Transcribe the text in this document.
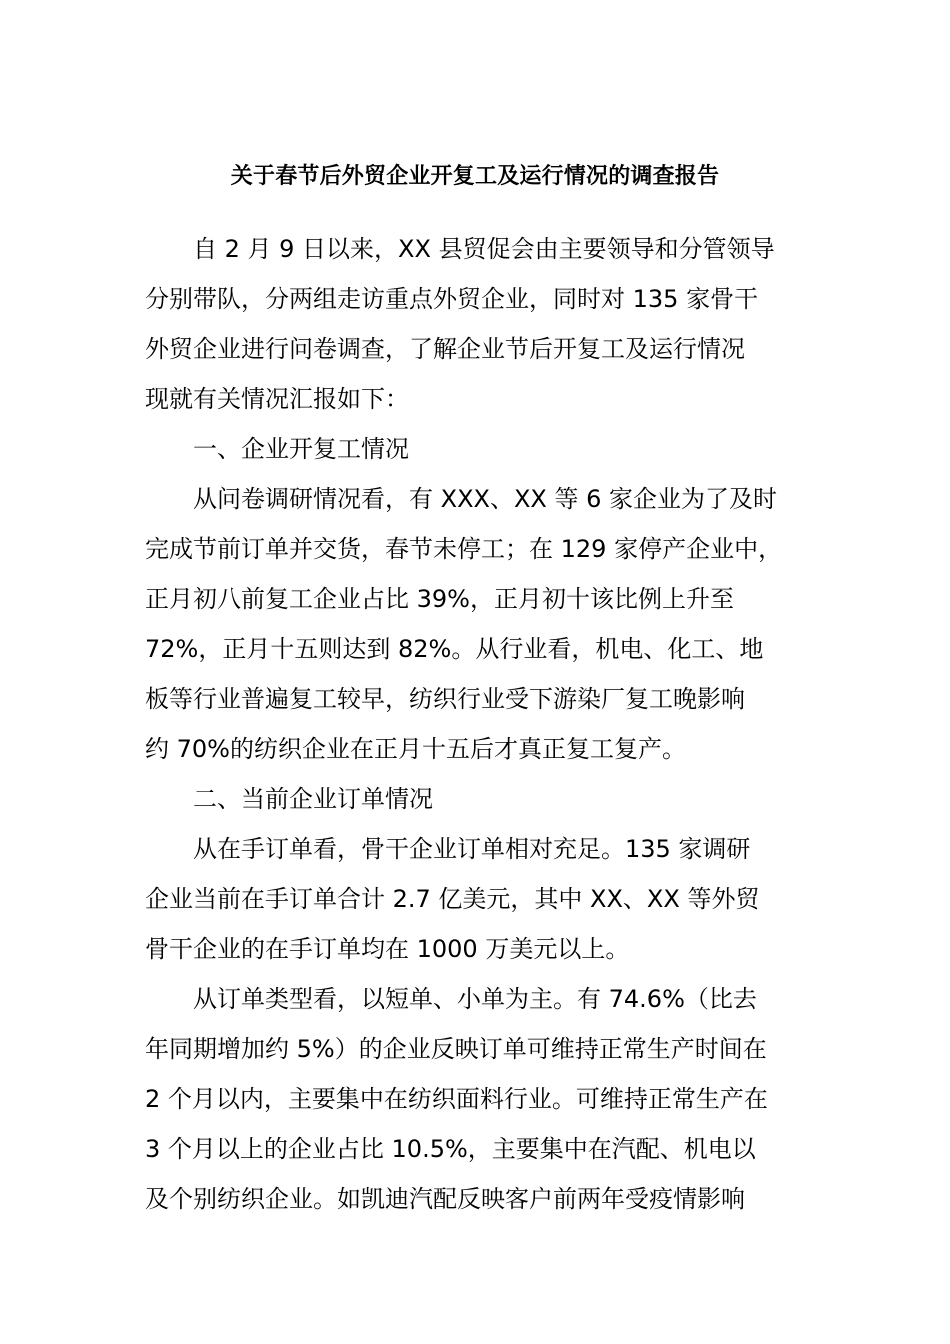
关于春节后外贸企业开复工及运行情况的调查报告
自 2 月 9 日以来，XX 县贸促会由主要领导和分管领导
分别带队，分两组走访重点外贸企业，同时对 135 家骨干
外贸企业进行问卷调查，了解企业节后开复工及运行情况
现就有关情况汇报如下：
一、企业开复工情况
从问卷调研情况看，有 XXX、XX 等 6 家企业为了及时
完成节前订单并交货，春节未停工；在 129 家停产企业中，
正月初八前复工企业占比 39%，正月初十该比例上升至
72%，正月十五则达到 82%。从行业看，机电、化工、地
板等行业普遍复工较早，纺织行业受下游染厂复工晚影响
约 70%的纺织企业在正月十五后才真正复工复产。
二、当前企业订单情况
从在手订单看，骨干企业订单相对充足。135 家调研
企业当前在手订单合计 2.7 亿美元，其中 XX、XX 等外贸
骨干企业的在手订单均在 1000 万美元以上。
从订单类型看，以短单、小单为主。有 74.6%（比去
年同期增加约 5%）的企业反映订单可维持正常生产时间在
2 个月以内，主要集中在纺织面料行业。可维持正常生产在
3 个月以上的企业占比 10.5%，主要集中在汽配、机电以
及个别纺织企业。如凯迪汽配反映客户前两年受疫情影响
